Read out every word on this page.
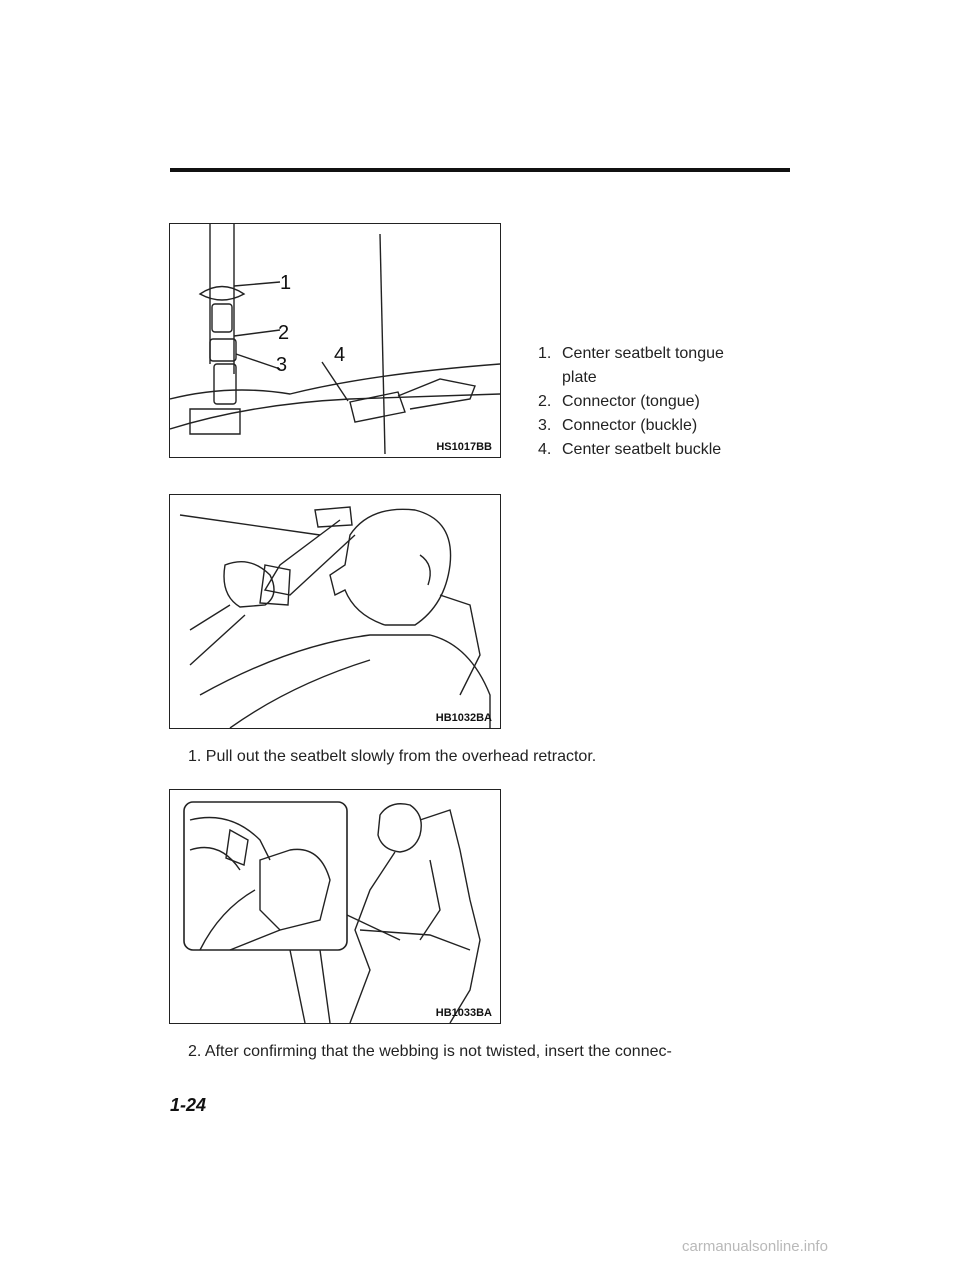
1
2
3 4
HS1017BB
1. Center seatbelt tongue plate
2. Connector (tongue)
3. Connector (buckle)
4. Center seatbelt buckle
HB1032BA
1. Pull out the seatbelt slowly from the overhead retractor.
HB1033BA
2. After confirming that the webbing is not twisted, insert the connec-
1-24
carmanualsonline.info
